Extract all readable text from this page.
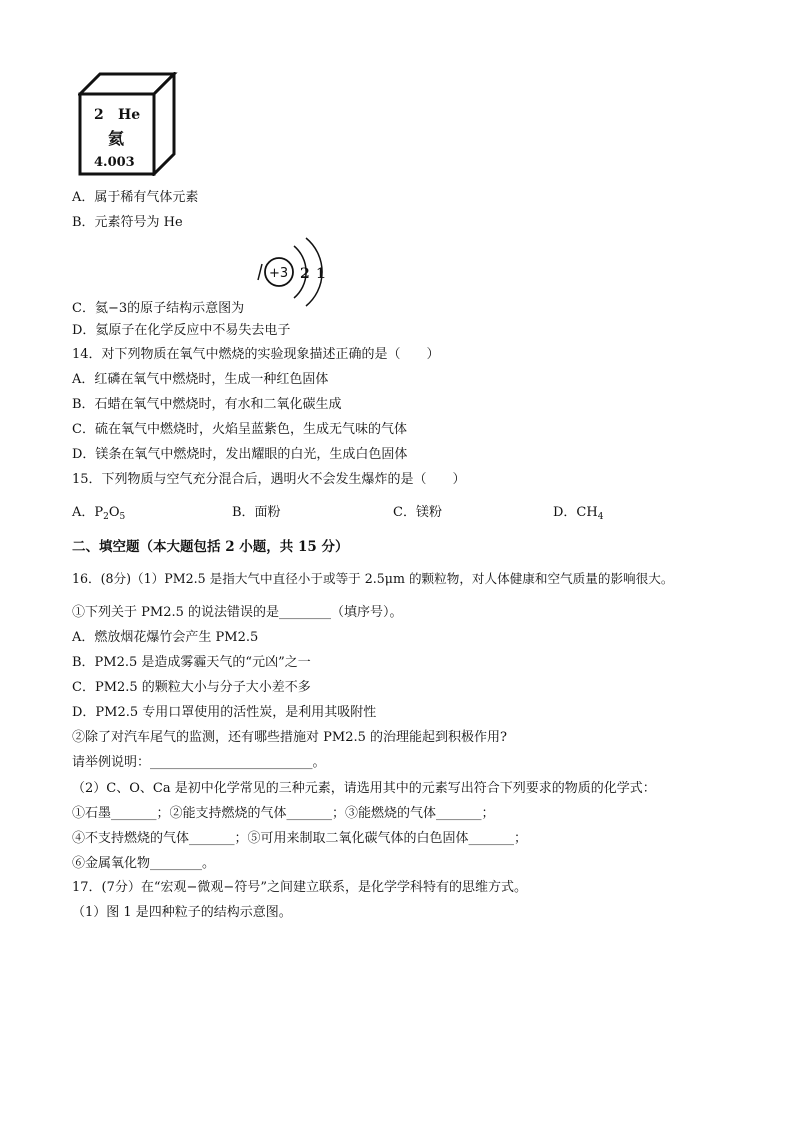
2 He
氦
4.003
A．属于稀有气体元素
B．元素符号为 He
+3 2 1
C．氦−3的原子结构示意图为
D．氦原子在化学反应中不易失去电子
14．对下列物质在氧气中燃烧的实验现象描述正确的是（　　）
A．红磷在氧气中燃烧时，生成一种红色固体
B．石蜡在氧气中燃烧时，有水和二氧化碳生成
C．硫在氧气中燃烧时，火焰呈蓝紫色，生成无气味的气体
D．镁条在氧气中燃烧时，发出耀眼的白光，生成白色固体
15．下列物质与空气充分混合后，遇明火不会发生爆炸的是（　　）
A．$P_2O_5$	B．面粉	C．镁粉	D．$CH_4$
二、填空题（本大题包括 2 小题，共 15 分）
16．(8分)（1）PM2.5 是指大气中直径小于或等于 2.5μm 的颗粒物，对人体健康和空气质量的影响很大。
①下列关于 PM2.5 的说法错误的是________（填序号）。
A．燃放烟花爆竹会产生 PM2.5
B．PM2.5 是造成雾霾天气的“元凶”之一
C．PM2.5 的颗粒大小与分子大小差不多
D．PM2.5 专用口罩使用的活性炭，是利用其吸附性
②除了对汽车尾气的监测，还有哪些措施对 PM2.5 的治理能起到积极作用?
请举例说明：_________________________。
（2）C、O、Ca 是初中化学常见的三种元素，请选用其中的元素写出符合下列要求的物质的化学式：
①石墨_______；②能支持燃烧的气体_______；③能燃烧的气体_______；
④不支持燃烧的气体_______；⑤可用来制取二氧化碳气体的白色固体_______；
⑥金属氧化物________。
17．(7分）在“宏观−微观−符号”之间建立联系，是化学学科特有的思维方式。
（1）图 1 是四种粒子的结构示意图。
